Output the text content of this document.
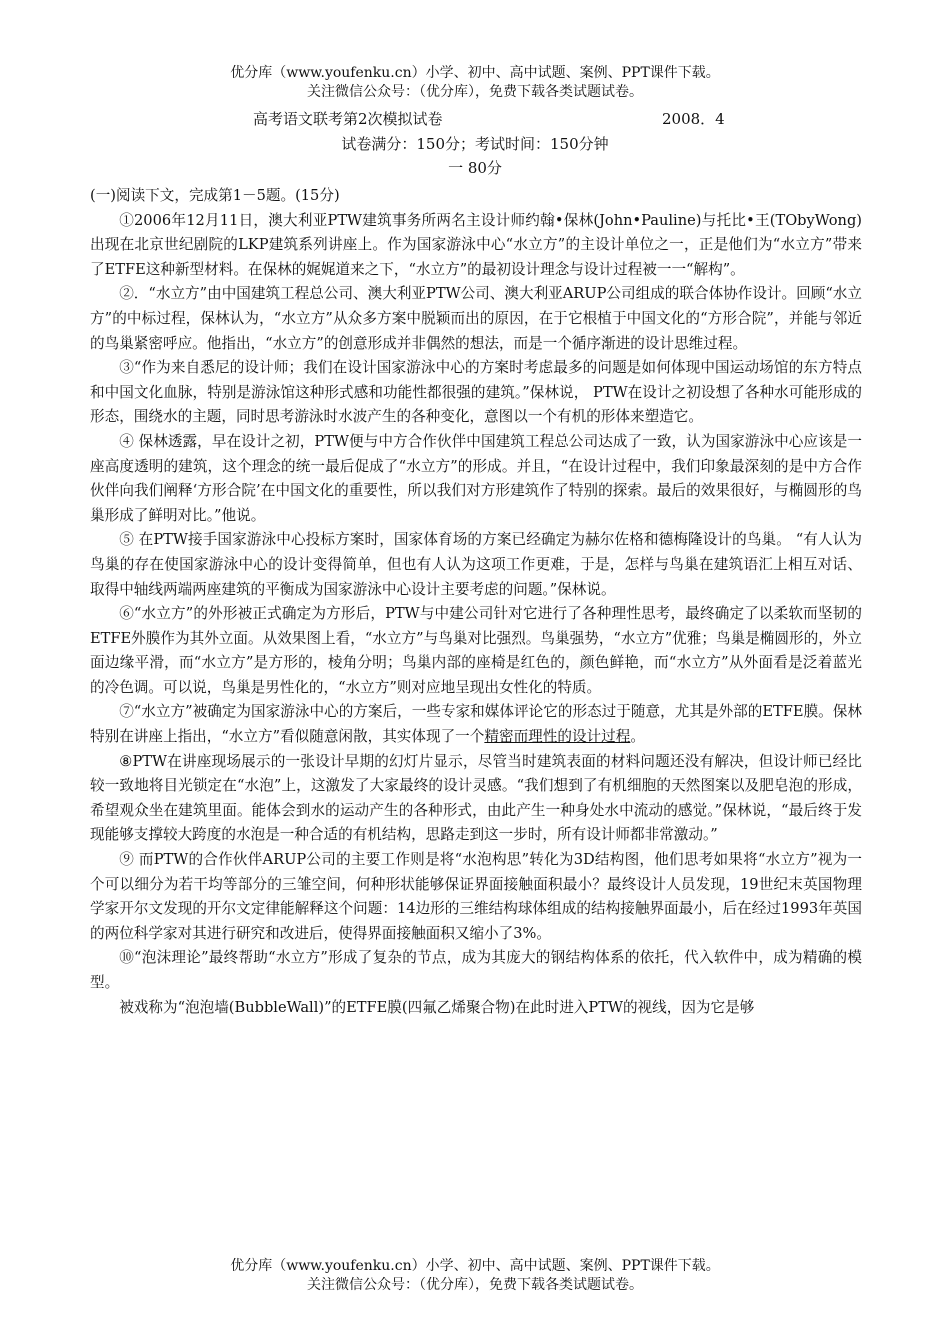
优分库（www.youfenku.cn）小学、初中、高中试题、案例、PPT课件下载。
关注微信公众号：（优分库），免费下载各类试题试卷。
高考语文联考第2次模拟试卷	2008．4
试卷满分：150分；考试时间：150分钟
一 80分

(一)阅读下文，完成第1－5题。(15分)

①2006年12月11日，澳大利亚PTW建筑事务所两名主设计师约翰•保林(John•Pauline)与托比•王(TObyWong)出现在北京世纪剧院的LKP建筑系列讲座上。作为国家游泳中心“水立方”的主设计单位之一，正是他们为“水立方”带来了ETFE这种新型材料。在保林的娓娓道来之下，“水立方”的最初设计理念与设计过程被一一“解构”。

②．“水立方”由中国建筑工程总公司、澳大利亚PTW公司、澳大利亚ARUP公司组成的联合体协作设计。回顾“水立方”的中标过程，保林认为，“水立方”从众多方案中脱颖而出的原因，在于它根植于中国文化的“方形合院”，并能与邻近的鸟巢紧密呼应。他指出，“水立方”的创意形成并非偶然的想法，而是一个循序渐进的设计思维过程。

③“作为来自悉尼的设计师；我们在设计国家游泳中心的方案时考虑最多的问题是如何体现中国运动场馆的东方特点和中国文化血脉，特别是游泳馆这种形式感和功能性都很强的建筑。”保林说， PTW在设计之初设想了各种水可能形成的形态，围绕水的主题，同时思考游泳时水波产生的各种变化，意图以一个有机的形体来塑造它。

④ 保林透露，早在设计之初，PTW便与中方合作伙伴中国建筑工程总公司达成了一致，认为国家游泳中心应该是一座高度透明的建筑，这个理念的统一最后促成了“水立方”的形成。并且，“在设计过程中，我们印象最深刻的是中方合作伙伴向我们阐释‘方形合院’在中国文化的重要性，所以我们对方形建筑作了特别的探索。最后的效果很好，与椭圆形的鸟巢形成了鲜明对比。”他说。

⑤ 在PTW接手国家游泳中心投标方案时，国家体育场的方案已经确定为赫尔佐格和德梅隆设计的鸟巢。 “有人认为鸟巢的存在使国家游泳中心的设计变得简单，但也有人认为这项工作更难，于是，怎样与鸟巢在建筑语汇上相互对话、取得中轴线两端两座建筑的平衡成为国家游泳中心设计主要考虑的问题。”保林说。

⑥“水立方”的外形被正式确定为方形后，PTW与中建公司针对它进行了各种理性思考，最终确定了以柔软而坚韧的ETFE外膜作为其外立面。从效果图上看，“水立方”与鸟巢对比强烈。鸟巢强势，“水立方”优雅；鸟巢是椭圆形的，外立面边缘平滑，而“水立方”是方形的，棱角分明；鸟巢内部的座椅是红色的，颜色鲜艳，而“水立方”从外面看是泛着蓝光的冷色调。可以说，鸟巢是男性化的，“水立方”则对应地呈现出女性化的特质。

⑦“水立方”被确定为国家游泳中心的方案后，一些专家和媒体评论它的形态过于随意，尤其是外部的ETFE膜。保林特别在讲座上指出，“水立方”看似随意闲散，其实体现了一个精密而理性的设计过程。

⑧PTW在讲座现场展示的一张设计早期的幻灯片显示，尽管当时建筑表面的材料问题还没有解决，但设计师已经比较一致地将目光锁定在“水泡”上，这激发了大家最终的设计灵感。“我们想到了有机细胞的天然图案以及肥皂泡的形成，希望观众坐在建筑里面。能体会到水的运动产生的各种形式，由此产生一种身处水中流动的感觉。”保林说，“最后终于发现能够支撑较大跨度的水泡是一种合适的有机结构，思路走到这一步时，所有设计师都非常激动。”

⑨ 而PTW的合作伙伴ARUP公司的主要工作则是将“水泡构思”转化为3D结构图，他们思考如果将“水立方”视为一个可以细分为若干均等部分的三雏空间，何种形状能够保证界面接触面积最小？最终设计人员发现，19世纪末英国物理学家开尔文发现的开尔文定律能解释这个问题：14边形的三维结构球体组成的结构接触界面最小，后在经过1993年英国的两位科学家对其进行研究和改进后，使得界面接触面积又缩小了3%。

⑩“泡沫理论”最终帮助“水立方”形成了复杂的节点，成为其庞大的钢结构体系的依托，代入软件中，成为精确的模型。

被戏称为“泡泡墙(BubbleWall)”的ETFE膜(四氟乙烯聚合物)在此时进入PTW的视线，因为它是够

优分库（www.youfenku.cn）小学、初中、高中试题、案例、PPT课件下载。
关注微信公众号：（优分库），免费下载各类试题试卷。
